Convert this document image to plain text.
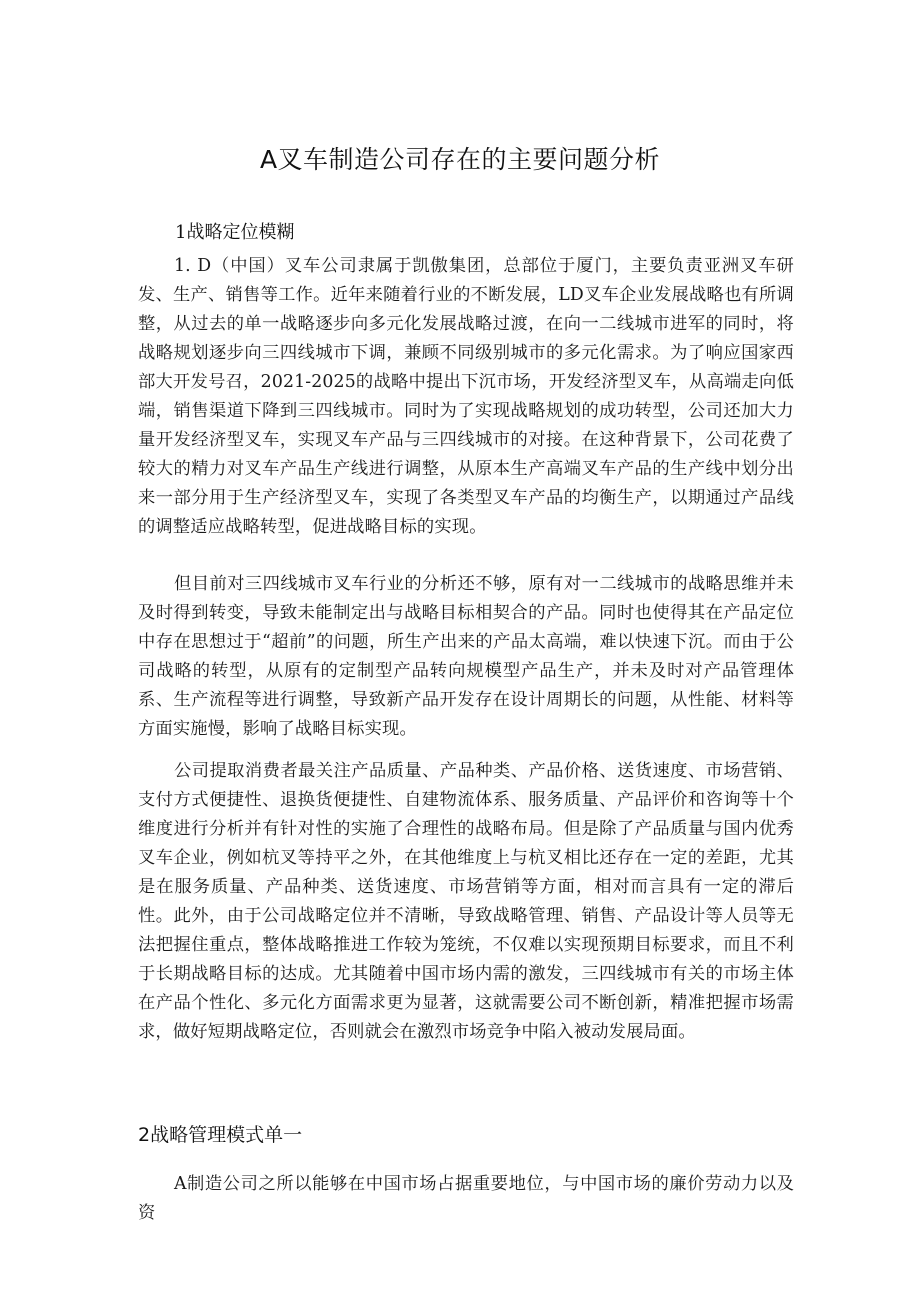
A叉车制造公司存在的主要问题分析
1战略定位模糊

1. D（中国）叉车公司隶属于凯傲集团，总部位于厦门，主要负责亚洲叉车研发、生产、销售等工作。近年来随着行业的不断发展，LD叉车企业发展战略也有所调整，从过去的单一战略逐步向多元化发展战略过渡，在向一二线城市进军的同时，将战略规划逐步向三四线城市下调，兼顾不同级别城市的多元化需求。为了响应国家西部大开发号召，2021-2025的战略中提出下沉市场，开发经济型叉车，从高端走向低端，销售渠道下降到三四线城市。同时为了实现战略规划的成功转型，公司还加大力量开发经济型叉车，实现叉车产品与三四线城市的对接。在这种背景下，公司花费了较大的精力对叉车产品生产线进行调整，从原本生产高端叉车产品的生产线中划分出来一部分用于生产经济型叉车，实现了各类型叉车产品的均衡生产，以期通过产品线的调整适应战略转型，促进战略目标的实现。

但目前对三四线城市叉车行业的分析还不够，原有对一二线城市的战略思维并未及时得到转变，导致未能制定出与战略目标相契合的产品。同时也使得其在产品定位中存在思想过于“超前”的问题，所生产出来的产品太高端，难以快速下沉。而由于公司战略的转型，从原有的定制型产品转向规模型产品生产，并未及时对产品管理体系、生产流程等进行调整，导致新产品开发存在设计周期长的问题，从性能、材料等方面实施慢，影响了战略目标实现。

公司提取消费者最关注产品质量、产品种类、产品价格、送货速度、市场营销、支付方式便捷性、退换货便捷性、自建物流体系、服务质量、产品评价和咨询等十个维度进行分析并有针对性的实施了合理性的战略布局。但是除了产品质量与国内优秀叉车企业，例如杭叉等持平之外，在其他维度上与杭叉相比还存在一定的差距，尤其是在服务质量、产品种类、送货速度、市场营销等方面，相对而言具有一定的滞后性。此外，由于公司战略定位并不清晰，导致战略管理、销售、产品设计等人员等无法把握住重点，整体战略推进工作较为笼统，不仅难以实现预期目标要求，而且不利于长期战略目标的达成。尤其随着中国市场内需的激发，三四线城市有关的市场主体在产品个性化、多元化方面需求更为显著，这就需要公司不断创新，精准把握市场需求，做好短期战略定位，否则就会在激烈市场竞争中陷入被动发展局面。

2战略管理模式单一

A制造公司之所以能够在中国市场占据重要地位，与中国市场的廉价劳动力以及资
